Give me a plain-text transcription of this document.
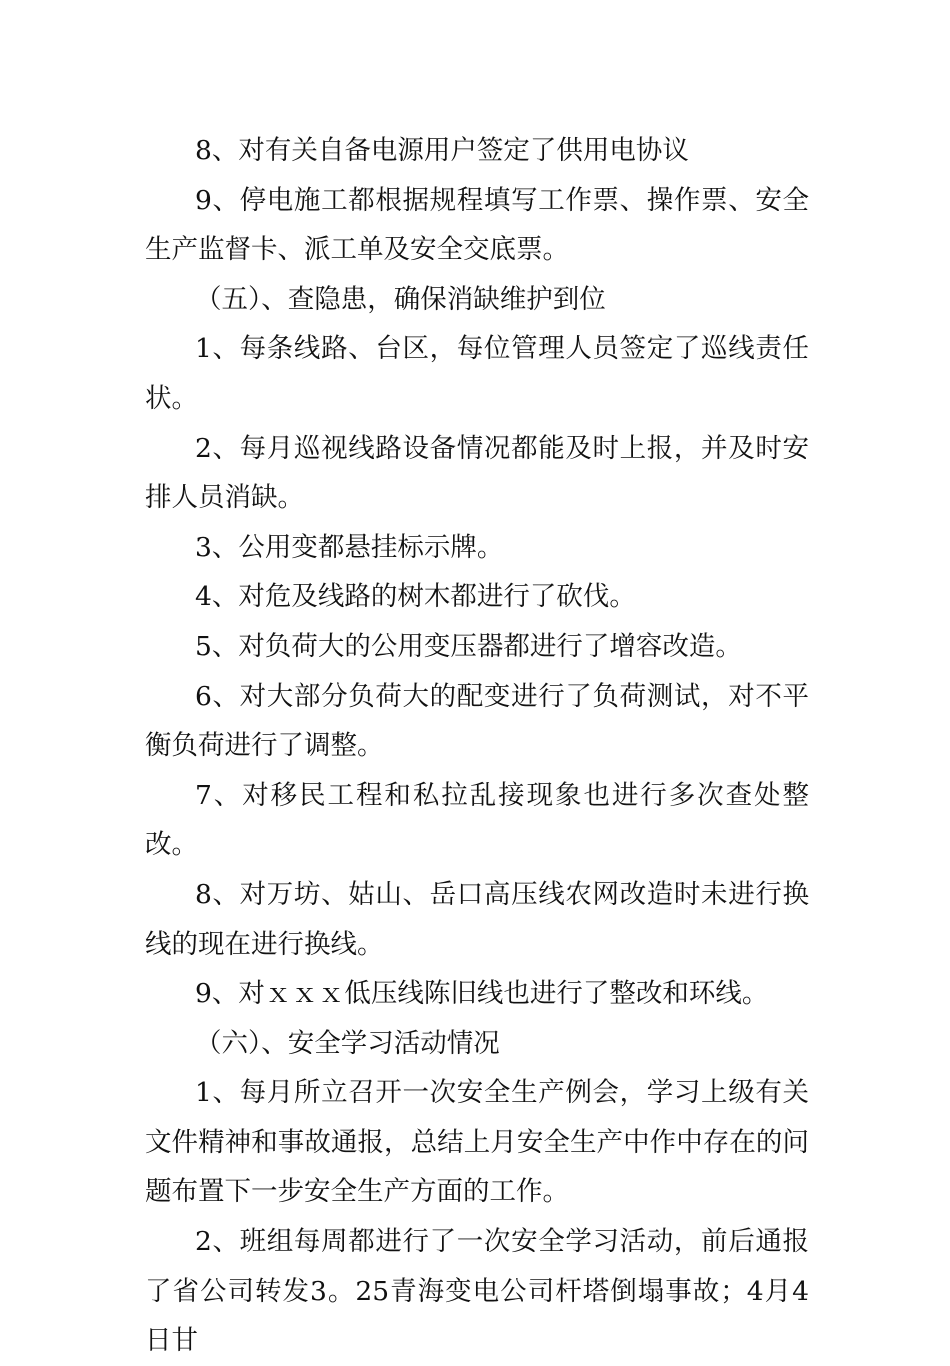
8、对有关自备电源用户签定了供用电协议

9、停电施工都根据规程填写工作票、操作票、安全生产监督卡、派工单及安全交底票。

（五）、查隐患，确保消缺维护到位

1、每条线路、台区，每位管理人员签定了巡线责任状。

2、每月巡视线路设备情况都能及时上报，并及时安排人员消缺。

3、公用变都悬挂标示牌。

4、对危及线路的树木都进行了砍伐。

5、对负荷大的公用变压器都进行了增容改造。

6、对大部分负荷大的配变进行了负荷测试，对不平衡负荷进行了调整。

7、对移民工程和私拉乱接现象也进行多次查处整改。

8、对万坊、姑山、岳口高压线农网改造时未进行换线的现在进行换线。

9、对ｘｘｘ低压线陈旧线也进行了整改和环线。

（六）、安全学习活动情况

1、每月所立召开一次安全生产例会，学习上级有关文件精神和事故通报，总结上月安全生产中作中存在的问题布置下一步安全生产方面的工作。

2、班组每周都进行了一次安全学习活动，前后通报了省公司转发3。25青海变电公司杆塔倒塌事故；4月4日甘
